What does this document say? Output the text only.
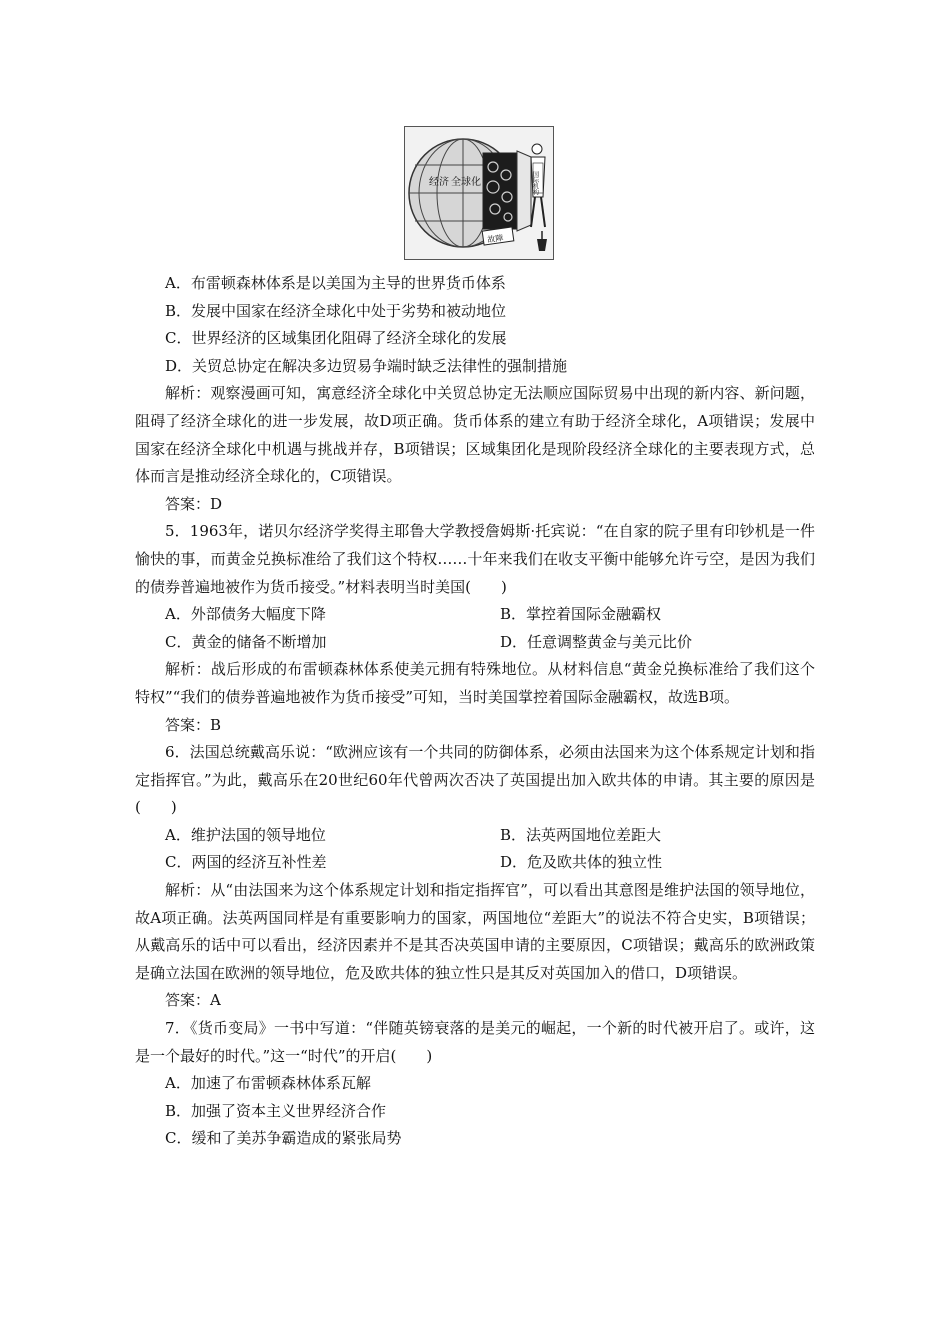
经济 全球化
故障
国际机构
A．布雷顿森林体系是以美国为主导的世界货币体系
B．发展中国家在经济全球化中处于劣势和被动地位
C．世界经济的区域集团化阻碍了经济全球化的发展
D．关贸总协定在解决多边贸易争端时缺乏法律性的强制措施

解析：观察漫画可知，寓意经济全球化中关贸总协定无法顺应国际贸易中出现的新内容、新问题，阻碍了经济全球化的进一步发展，故D项正确。货币体系的建立有助于经济全球化，A项错误；发展中国家在经济全球化中机遇与挑战并存，B项错误；区域集团化是现阶段经济全球化的主要表现方式，总体而言是推动经济全球化的，C项错误。

答案：D

5．1963年，诺贝尔经济学奖得主耶鲁大学教授詹姆斯·托宾说：“在自家的院子里有印钞机是一件愉快的事，而黄金兑换标准给了我们这个特权……十年来我们在收支平衡中能够允许亏空，是因为我们的债券普遍地被作为货币接受。”材料表明当时美国(　　)

A．外部债务大幅度下降	B．掌控着国际金融霸权
C．黄金的储备不断增加	D．任意调整黄金与美元比价

解析：战后形成的布雷顿森林体系使美元拥有特殊地位。从材料信息“黄金兑换标准给了我们这个特权”“我们的债券普遍地被作为货币接受”可知，当时美国掌控着国际金融霸权，故选B项。

答案：B

6．法国总统戴高乐说：“欧洲应该有一个共同的防御体系，必须由法国来为这个体系规定计划和指定指挥官。”为此，戴高乐在20世纪60年代曾两次否决了英国提出加入欧共体的申请。其主要的原因是 (　　)

A．维护法国的领导地位	B．法英两国地位差距大
C．两国的经济互补性差	D．危及欧共体的独立性

解析：从“由法国来为这个体系规定计划和指定指挥官”，可以看出其意图是维护法国的领导地位，故A项正确。法英两国同样是有重要影响力的国家，两国地位“差距大”的说法不符合史实，B项错误；从戴高乐的话中可以看出，经济因素并不是其否决英国申请的主要原因，C项错误；戴高乐的欧洲政策是确立法国在欧洲的领导地位，危及欧共体的独立性只是其反对英国加入的借口，D项错误。

答案：A

7．《货币变局》一书中写道：“伴随英镑衰落的是美元的崛起，一个新的时代被开启了。或许，这是一个最好的时代。”这一“时代”的开启(　　)

A．加速了布雷顿森林体系瓦解
B．加强了资本主义世界经济合作
C．缓和了美苏争霸造成的紧张局势
